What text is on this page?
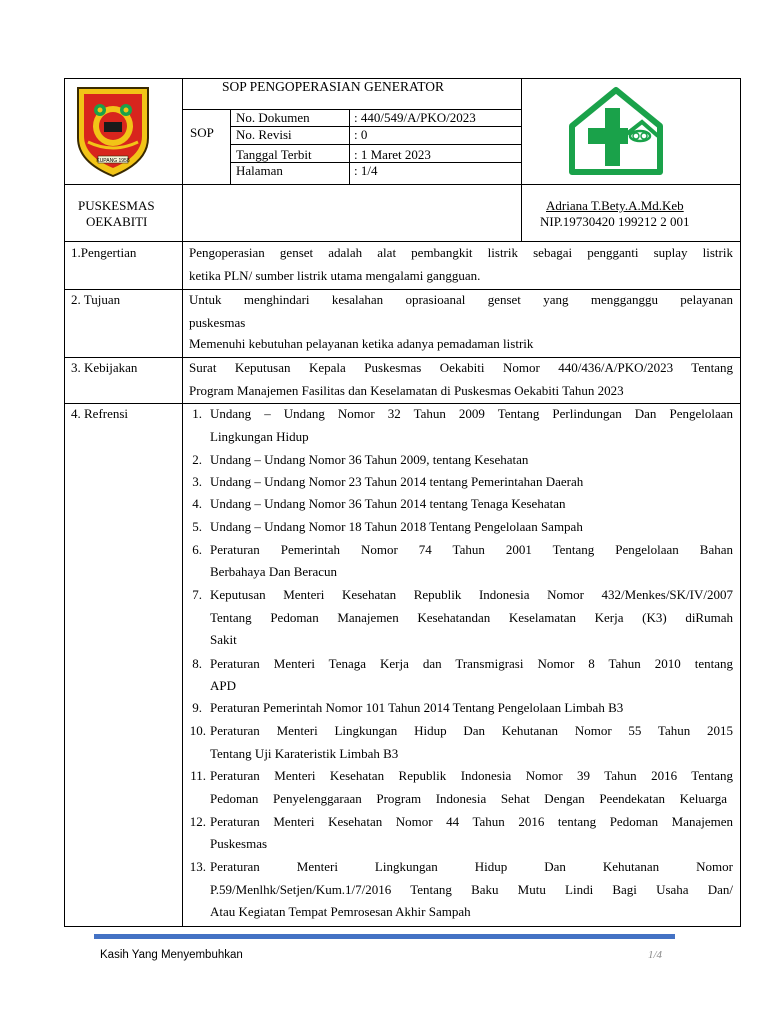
KUPANG 1958
SOP PENGOPERASIAN GENERATOR
SOP
No. Dokumen	: 440/549/A/PKO/2023
No. Revisi	: 0
Tanggal Terbit	: 1 Maret 2023
Halaman	: 1/4
PUSKESMAS
OEKABITI
Adriana T.Bety.A.Md.Keb
NIP.19730420 199212 2 001
1.Pengertian	Pengoperasian genset adalah alat pembangkit listrik sebagai pengganti suplay listrik
ketika PLN/ sumber listrik utama mengalami gangguan.
2. Tujuan	Untuk menghindari kesalahan oprasioanal genset yang mengganggu pelayanan
puskesmas
Memenuhi kebutuhan pelayanan ketika adanya pemadaman listrik
3. Kebijakan	Surat Keputusan Kepala Puskesmas Oekabiti Nomor 440/436/A/PKO/2023 Tentang
Program Manajemen Fasilitas dan Keselamatan di Puskesmas Oekabiti Tahun 2023
4. Refrensi	1. Undang – Undang Nomor 32 Tahun 2009 Tentang Perlindungan Dan Pengelolaan
Lingkungan Hidup
2. Undang – Undang Nomor 36 Tahun 2009, tentang Kesehatan
3. Undang – Undang Nomor 23 Tahun 2014 tentang Pemerintahan Daerah
4. Undang – Undang Nomor 36 Tahun 2014 tentang Tenaga Kesehatan
5. Undang – Undang Nomor 18 Tahun 2018 Tentang Pengelolaan Sampah
6. Peraturan Pemerintah Nomor 74 Tahun 2001 Tentang Pengelolaan Bahan
Berbahaya Dan Beracun
7. Keputusan Menteri Kesehatan Republik Indonesia Nomor 432/Menkes/SK/IV/2007
Tentang Pedoman Manajemen Kesehatandan Keselamatan Kerja (K3) diRumah
Sakit
8. Peraturan Menteri Tenaga Kerja dan Transmigrasi Nomor 8 Tahun 2010 tentang
APD
9. Peraturan Pemerintah Nomor 101 Tahun 2014 Tentang Pengelolaan Limbah B3
10. Peraturan Menteri Lingkungan Hidup Dan Kehutanan Nomor 55 Tahun 2015
Tentang Uji Karateristik Limbah B3
11. Peraturan Menteri Kesehatan Republik Indonesia Nomor 39 Tahun 2016 Tentang
Pedoman Penyelenggaraan Program Indonesia Sehat Dengan Peendekatan Keluarga
12. Peraturan Menteri Kesehatan Nomor 44 Tahun 2016 tentang Pedoman Manajemen
Puskesmas
13. Peraturan Menteri Lingkungan Hidup Dan Kehutanan Nomor
P.59/Menlhk/Setjen/Kum.1/7/2016 Tentang Baku Mutu Lindi Bagi Usaha Dan/
Atau Kegiatan Tempat Pemrosesan Akhir Sampah
Kasih Yang Menyembuhkan	1/4
